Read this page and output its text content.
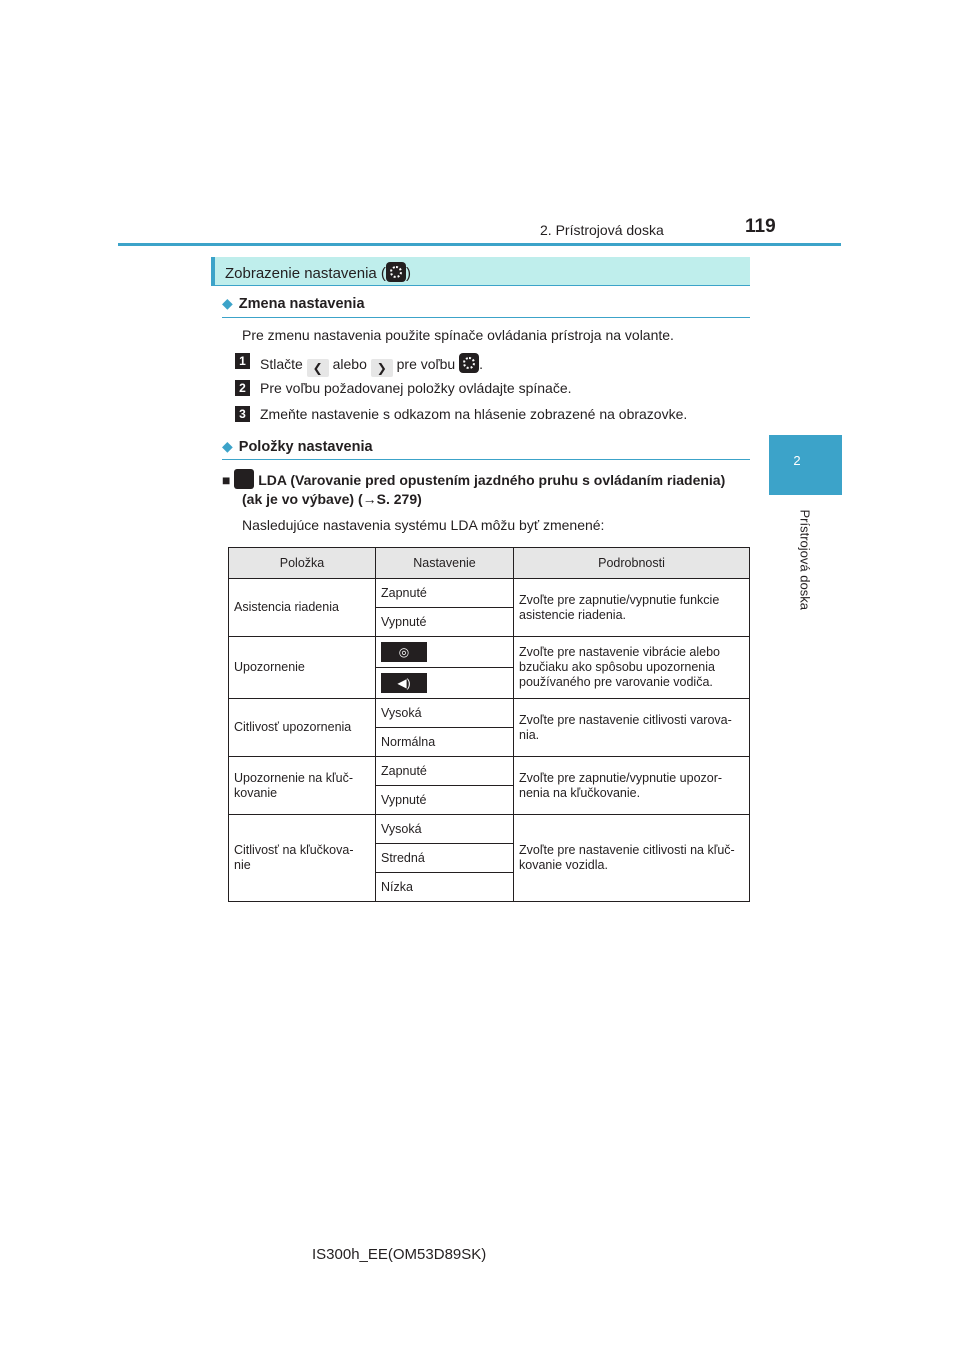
2. Prístrojová doska	119
2
Prístrojová doska
Zobrazenie nastavenia ( )
◆ Zmena nastavenia
Pre zmenu nastavenia použite spínače ovládania prístroja na volante.
1 Stlačte ❮ alebo ❯ pre voľbu .
2 Pre voľbu požadovanej položky ovládajte spínače.
3 Zmeňte nastavenie s odkazom na hlásenie zobrazené na obrazovke.
◆ Položky nastavenia
■ LDA (Varovanie pred opustením jazdného pruhu s ovládaním riadenia)
(ak je vo výbave) (→S. 279)
Nasledujúce nastavenia systému LDA môžu byť zmenené:
Položka	Nastavenie	Podrobnosti
Asistencia riadenia	Zapnuté	Zvoľte pre zapnutie/vypnutie funkcie asistencie riadenia.
	Vypnuté	
Upozornenie	◎	Zvoľte pre nastavenie vibrácie alebo bzučiaku ako spôsobu upozornenia používaného pre varovanie vodiča.

	◀)	

Citlivosť upozornenia	Vysoká	Zvoľte pre nastavenie citlivosti varova-nia.
	Normálna	
Upozornenie na kľuč-kovanie	Zapnuté	Zvoľte pre zapnutie/vypnutie upozor-nenia na kľučkovanie.
	Vypnuté	
Citlivosť na kľučkova-nie	Vysoká	Zvoľte pre nastavenie citlivosti na kľuč-kovanie vozidla.
	Stredná	
	Nízka	
IS300h_EE(OM53D89SK)
